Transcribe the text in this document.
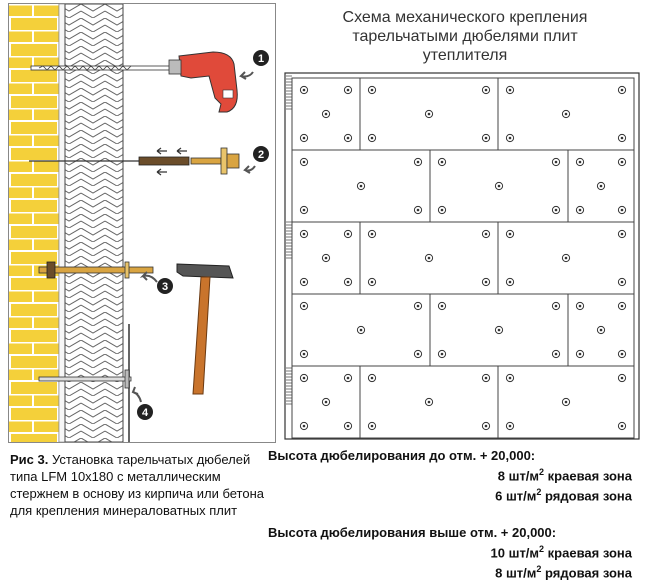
1
2
3
4
Схема механического крепления
тарельчатыми дюбелями плит
утеплителя
Рис 3. Установка тарельчатых дюбелей типа LFM 10x180 с металлическим стержнем в основу из кирпича или бетона для крепления минераловатных плит
Высота дюбелирования до отм. + 20,000:
8 $шт/м^2$ краевая зона
6 $шт/м^2$ рядовая зона
Высота дюбелирования выше отм. + 20,000:
10 $шт/м^2$ краевая зона
8 $шт/м^2$ рядовая зона
